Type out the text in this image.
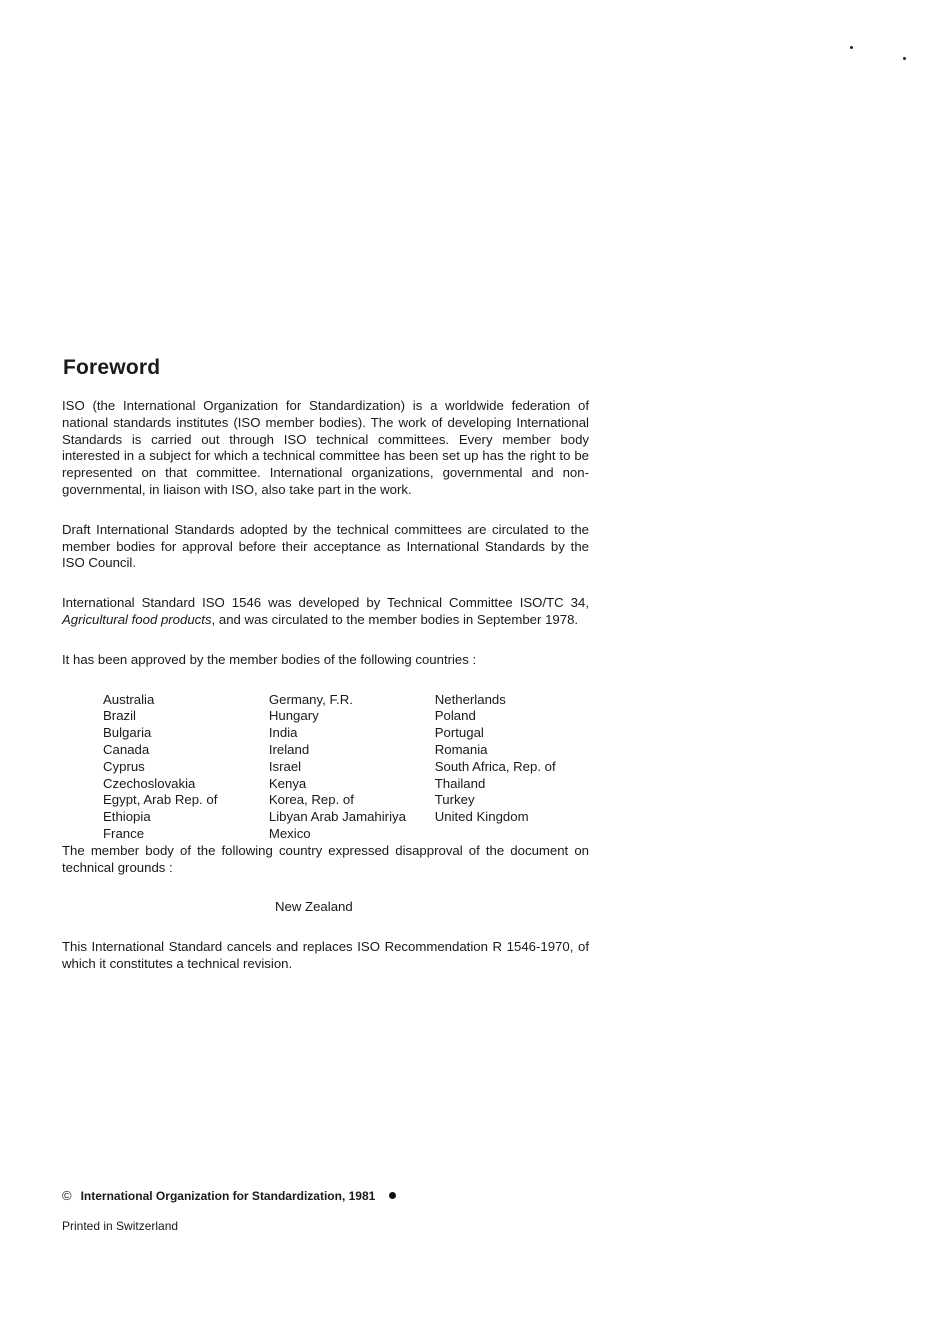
Foreword

ISO (the International Organization for Standardization) is a worldwide federation of national standards institutes (ISO member bodies). The work of developing International Standards is carried out through ISO technical committees. Every member body interested in a subject for which a technical committee has been set up has the right to be represented on that committee. International organizations, governmental and non-governmental, in liaison with ISO, also take part in the work.

Draft International Standards adopted by the technical committees are circulated to the member bodies for approval before their acceptance as International Standards by the ISO Council.

International Standard ISO 1546 was developed by Technical Committee ISO/TC 34, Agricultural food products, and was circulated to the member bodies in September 1978.

It has been approved by the member bodies of the following countries :

Australia
Brazil
Bulgaria
Canada
Cyprus
Czechoslovakia
Egypt, Arab Rep. of
Ethiopia
France
Germany, F.R.
Hungary
India
Ireland
Israel
Kenya
Korea, Rep. of
Libyan Arab Jamahiriya
Mexico
Netherlands
Poland
Portugal
Romania
South Africa, Rep. of
Thailand
Turkey
United Kingdom

The member body of the following country expressed disapproval of the document on technical grounds :

New Zealand

This International Standard cancels and replaces ISO Recommendation R 1546-1970, of which it constitutes a technical revision.

© International Organization for Standardization, 1981
Printed in Switzerland
